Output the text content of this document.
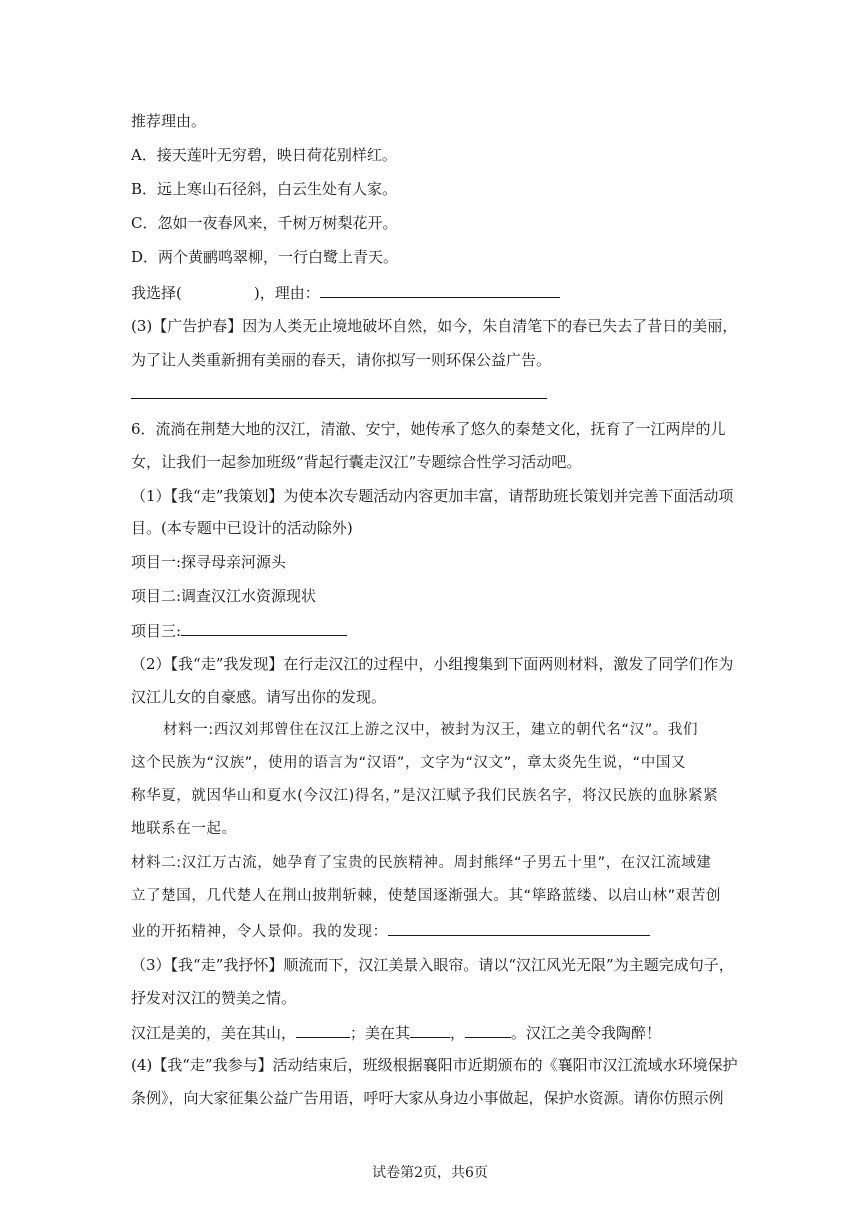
推荐理由。
A．接天莲叶无穷碧，映日荷花别样红。
B．远上寒山石径斜，白云生处有人家。
C．忽如一夜春风来，千树万树梨花开。
D．两个黄鹂鸣翠柳，一行白鹭上青天。
我选择(	)，理由：
(3)【广告护春】因为人类无止境地破坏自然，如今，朱自清笔下的春已失去了昔日的美丽，
为了让人类重新拥有美丽的春天，请你拟写一则环保公益广告。
6．流淌在荆楚大地的汉江，清澈、安宁，她传承了悠久的秦楚文化，抚育了一江两岸的儿
女，让我们一起参加班级“背起行囊走汉江”专题综合性学习活动吧。
（1）【我“走”我策划】为使本次专题活动内容更加丰富，请帮助班长策划并完善下面活动项
目。(本专题中已设计的活动除外)
项目一:探寻母亲河源头
项目二:调查汉江水资源现状
项目三:
（2）【我“走”我发现】在行走汉江的过程中，小组搜集到下面两则材料，激发了同学们作为
汉江儿女的自豪感。请写出你的发现。
材料一:西汉刘邦曾住在汉江上游之汉中，被封为汉王，建立的朝代名“汉”。我们
这个民族为“汉族”，使用的语言为“汉语”，文字为“汉文”，章太炎先生说，“中国又
称华夏，就因华山和夏水(今汉江)得名，”是汉江赋予我们民族名字，将汉民族的血脉紧紧
地联系在一起。
材料二:汉江万古流，她孕育了宝贵的民族精神。周封熊绎“子男五十里”，在汉江流域建
立了楚国，几代楚人在荆山披荆斩棘，使楚国逐渐强大。其“筚路蓝缕、以启山林”艰苦创
业的开拓精神，令人景仰。我的发现：
（3）【我“走”我抒怀】顺流而下，汉江美景入眼帘。请以“汉江风光无限”为主题完成句子，
抒发对汉江的赞美之情。
汉江是美的，美在其山，	；美在其	，	。汉江之美令我陶醉！
(4)【我“走”我参与】活动结束后，班级根据襄阳市近期颁布的《襄阳市汉江流域水环境保护
条例》，向大家征集公益广告用语，呼吁大家从身边小事做起，保护水资源。请你仿照示例
试卷第2页，共6页
